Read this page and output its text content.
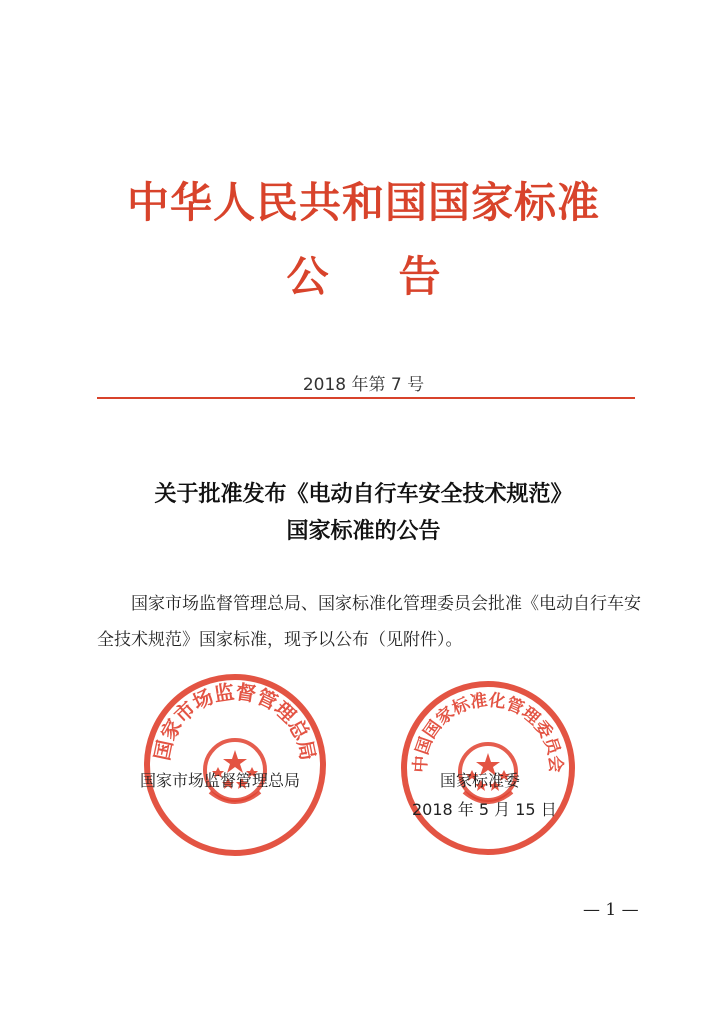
中华人民共和国国家标准
公告
2018 年第 7 号
关于批准发布《电动自行车安全技术规范》
国家标准的公告
国家市场监督管理总局、国家标准化管理委员会批准《电动自行车安全技术规范》国家标准，现予以公布（见附件）。
国家市场监督管理总局
中国国家标准化管理委员会
国家市场监督管理总局	国家标准委
2018 年 5 月 15 日
— 1 —
